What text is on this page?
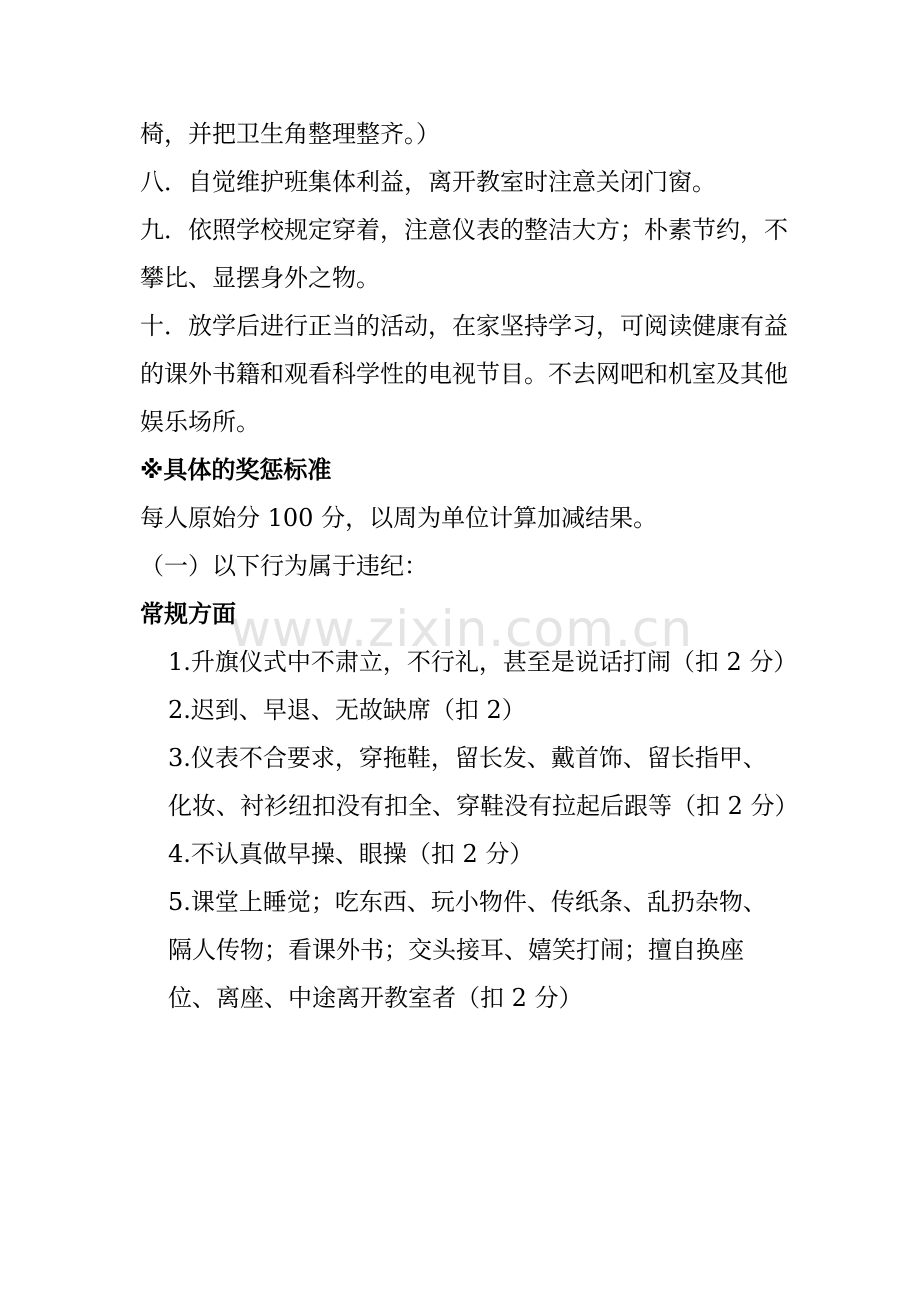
www.zixin.com.cn

椅，并把卫生角整理整齐。）

八．自觉维护班集体利益，离开教室时注意关闭门窗。

九．依照学校规定穿着，注意仪表的整洁大方；朴素节约，不攀比、显摆身外之物。

十．放学后进行正当的活动，在家坚持学习，可阅读健康有益的课外书籍和观看科学性的电视节目。不去网吧和机室及其他娱乐场所。

※具体的奖惩标准

每人原始分 100 分，以周为单位计算加减结果。

（一）以下行为属于违纪：

常规方面

1.升旗仪式中不肃立，不行礼，甚至是说话打闹（扣 2 分）

2.迟到、早退、无故缺席（扣 2）

3.仪表不合要求，穿拖鞋，留长发、戴首饰、留长指甲、化妆、衬衫纽扣没有扣全、穿鞋没有拉起后跟等（扣 2 分）

4.不认真做早操、眼操（扣 2 分）

5.课堂上睡觉；吃东西、玩小物件、传纸条、乱扔杂物、隔人传物；看课外书；交头接耳、嬉笑打闹；擅自换座位、离座、中途离开教室者（扣 2 分）
